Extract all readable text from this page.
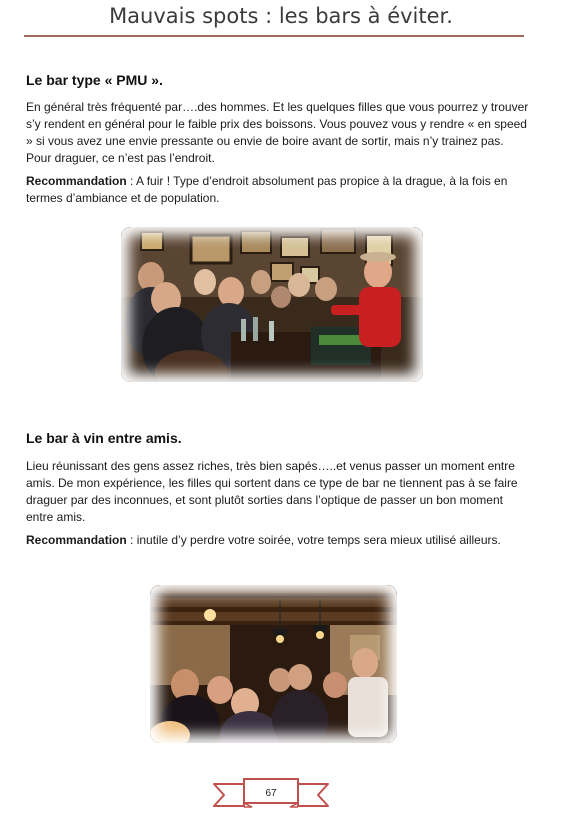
Mauvais spots : les bars à éviter.
Le bar type « PMU ».

En général très fréquenté par….des hommes. Et les quelques filles que vous pourrez y trouver s’y rendent en général pour le faible prix des boissons. Vous pouvez vous y rendre « en speed » si vous avez une envie pressante ou envie de boire avant de sortir, mais n’y trainez pas. Pour draguer, ce n’est pas l’endroit.

Recommandation : A fuir ! Type d’endroit absolument pas propice à la drague, à la fois en termes d’ambiance et de population.

Le bar à vin entre amis.

Lieu réunissant des gens assez riches, très bien sapés…..et venus passer un moment entre amis. De mon expérience, les filles qui sortent dans ce type de bar ne tiennent pas à se faire draguer par des inconnues, et sont plutôt sorties dans l’optique de passer un bon moment entre amis.

Recommandation : inutile d’y perdre votre soirée, votre temps sera mieux utilisé ailleurs.

67
